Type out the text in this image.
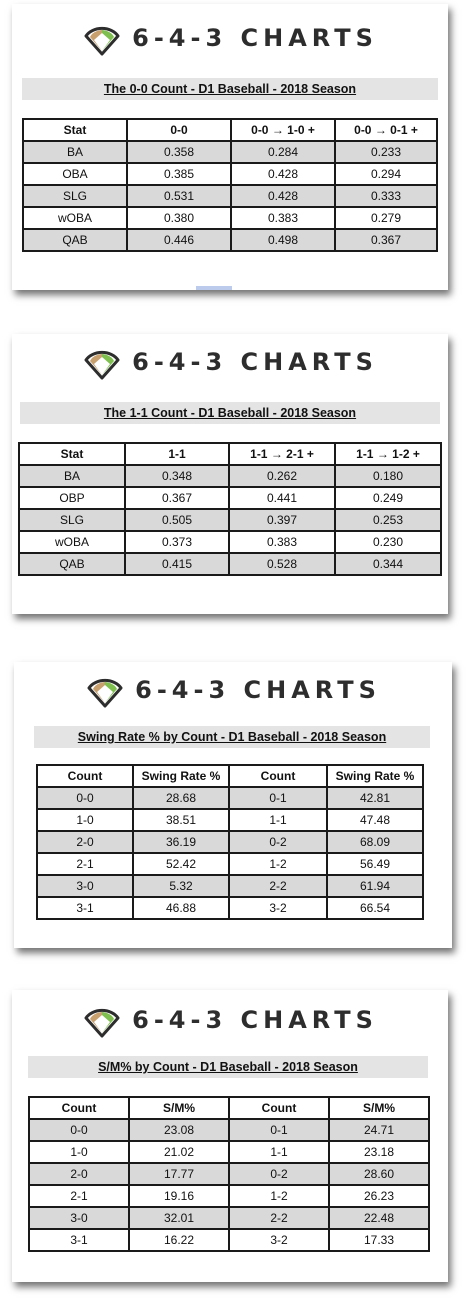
6-4-3 CHARTS
The 0-0 Count - D1 Baseball - 2018 Season
Stat	0-0	0-0 → 1-0 +	0-0 → 0-1 +
BA	0.358	0.284	0.233
OBA	0.385	0.428	0.294
SLG	0.531	0.428	0.333
wOBA	0.380	0.383	0.279
QAB	0.446	0.498	0.367
6-4-3 CHARTS
The 1-1 Count - D1 Baseball - 2018 Season
Stat	1-1	1-1 → 2-1 +	1-1 → 1-2 +
BA	0.348	0.262	0.180
OBP	0.367	0.441	0.249
SLG	0.505	0.397	0.253
wOBA	0.373	0.383	0.230
QAB	0.415	0.528	0.344
6-4-3 CHARTS
Swing Rate % by Count - D1 Baseball - 2018 Season
Count	Swing Rate %	Count	Swing Rate %
0-0	28.68	0-1	42.81
1-0	38.51	1-1	47.48
2-0	36.19	0-2	68.09
2-1	52.42	1-2	56.49
3-0	5.32	2-2	61.94
3-1	46.88	3-2	66.54
6-4-3 CHARTS
S/M% by Count - D1 Baseball - 2018 Season
Count	S/M%	Count	S/M%
0-0	23.08	0-1	24.71
1-0	21.02	1-1	23.18
2-0	17.77	0-2	28.60
2-1	19.16	1-2	26.23
3-0	32.01	2-2	22.48
3-1	16.22	3-2	17.33
